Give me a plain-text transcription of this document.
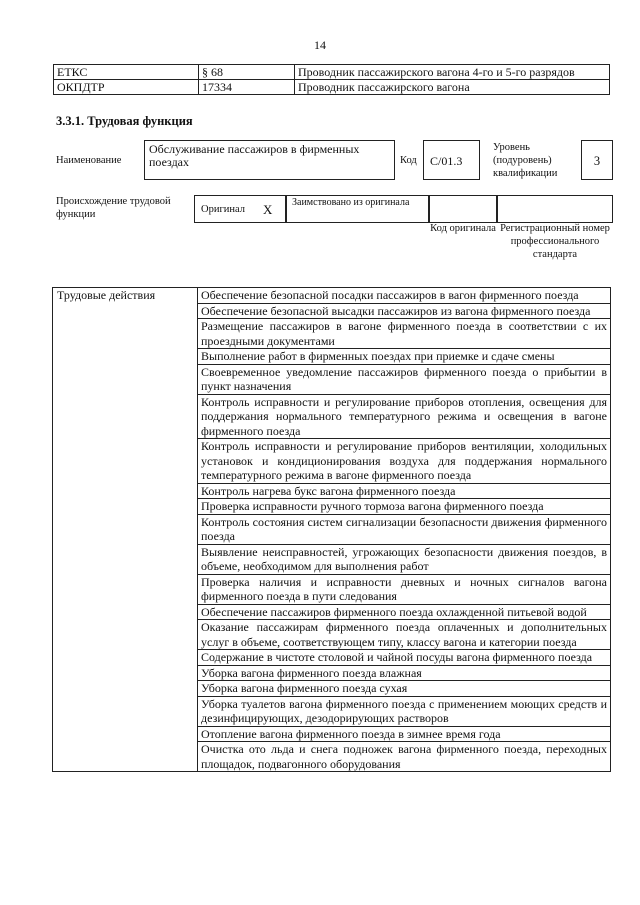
14
ЕТКС	§ 68	Проводник пассажирского вагона 4-го и 5-го разрядов
ОКПДТР	17334	Проводник пассажирского вагона
3.3.1. Трудовая функция
Наименование
Обслуживание пассажиров в фирменных поездах	Код	C/01.3
Уровень (подуровень) квалификации
3
Происхождение трудовой функции	Оригинал X	Заимствовано из оригинала
Код оригинала Регистрационный номер профессионального стандарта
Трудовые действия	Обеспечение безопасной посадки пассажиров в вагон фирменного поезда
Обеспечение безопасной высадки пассажиров из вагона фирменного поезда
Размещение пассажиров в вагоне фирменного поезда в соответствии с их проездными документами
Выполнение работ в фирменных поездах при приемке и сдаче смены
Своевременное уведомление пассажиров фирменного поезда о прибытии в пункт назначения
Контроль исправности и регулирование приборов отопления, освещения для поддержания нормального температурного режима и освещения в вагоне фирменного поезда
Контроль исправности и регулирование приборов вентиляции, холодильных установок и кондиционирования воздуха для поддержания нормального температурного режима в вагоне фирменного поезда
Контроль нагрева букс вагона фирменного поезда
Проверка исправности ручного тормоза вагона фирменного поезда
Контроль состояния систем сигнализации безопасности движения фирменного поезда
Выявление неисправностей, угрожающих безопасности движения поездов, в объеме, необходимом для выполнения работ
Проверка наличия и исправности дневных и ночных сигналов вагона фирменного поезда в пути следования
Обеспечение пассажиров фирменного поезда охлажденной питьевой водой
Оказание пассажирам фирменного поезда оплаченных и дополнительных услуг в объеме, соответствующем типу, классу вагона и категории поезда
Содержание в чистоте столовой и чайной посуды вагона фирменного поезда
Уборка вагона фирменного поезда влажная
Уборка вагона фирменного поезда сухая
Уборка туалетов вагона фирменного поезда с применением моющих средств и дезинфицирующих, дезодорирующих растворов
Отопление вагона фирменного поезда в зимнее время года
Очистка ото льда и снега подножек вагона фирменного поезда, переходных площадок, подвагонного оборудования
